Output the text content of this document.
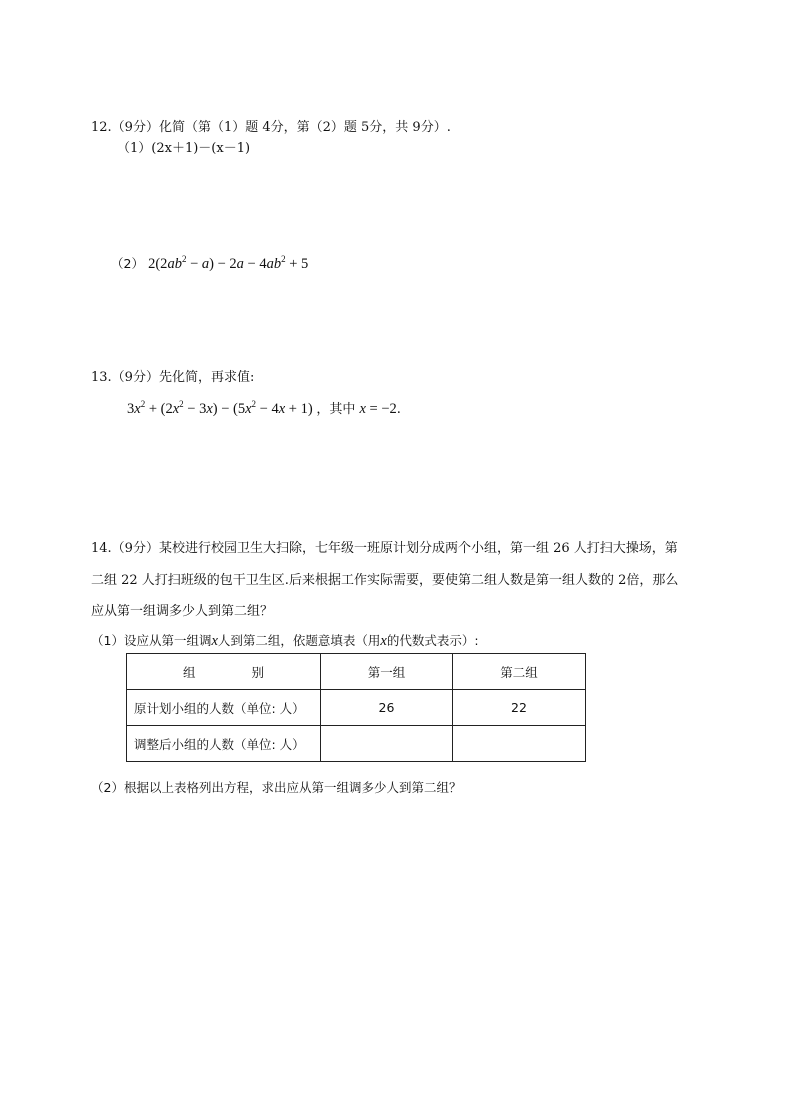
12.（9分）化简（第（1）题 4分，第（2）题 5分，共 9分）.
（1）(2x＋1)－(x－1)
（2） $2(2ab^2 - a) - 2a - 4ab^2 + 5$
13.（9分）先化简，再求值:
$3x^2 + (2x^2 - 3x) - (5x^2 - 4x + 1)$ ，其中 x = −2.
14.（9分）某校进行校园卫生大扫除，七年级一班原计划分成两个小组，第一组 26 人打扫大操场，第
二组 22 人打扫班级的包干卫生区.后来根据工作实际需要，要使第二组人数是第一组人数的 2倍，那么
应从第一组调多少人到第二组？
（1）设应从第一组调x人到第二组，依题意填表（用x的代数式表示）:
组 别	第一组	第二组
原计划小组的人数（单位: 人）	26	22
调整后小组的人数（单位: 人）		
（2）根据以上表格列出方程，求出应从第一组调多少人到第二组？
